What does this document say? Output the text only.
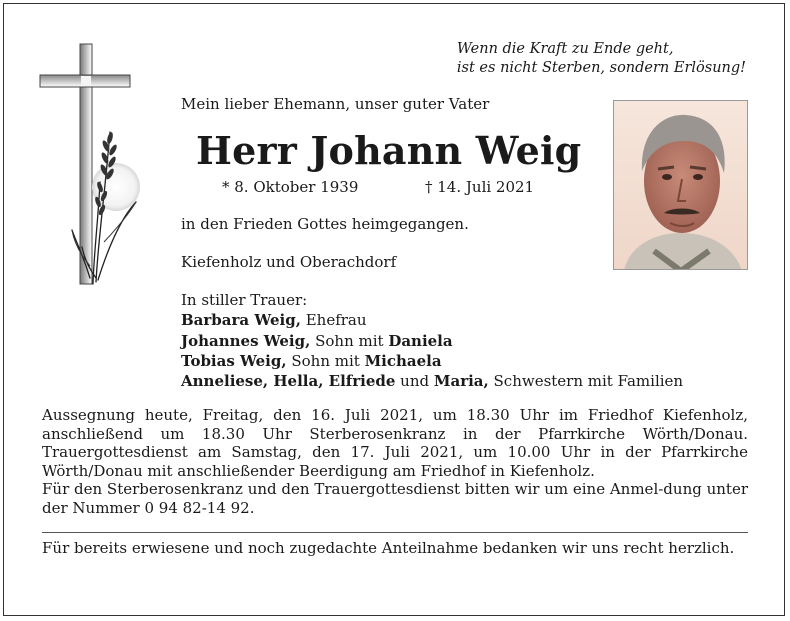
Wenn die Kraft zu Ende geht,
ist es nicht Sterben, sondern Erlösung!
Mein lieber Ehemann, unser guter Vater
Herr Johann Weig
* 8. Oktober 1939	† 14. Juli 2021
in den Frieden Gottes heimgegangen.
Kiefenholz und Oberachdorf
In stiller Trauer:
Barbara Weig, Ehefrau
Johannes Weig, Sohn mit Daniela
Tobias Weig, Sohn mit Michaela
Anneliese, Hella, Elfriede und Maria, Schwestern mit Familien

Aussegnung heute, Freitag, den 16. Juli 2021, um 18.30 Uhr im Friedhof Kiefenholz, anschließend um 18.30 Uhr Sterberosenkranz in der Pfarrkirche Wörth/Donau. Trauergottesdienst am Samstag, den 17. Juli 2021, um 10.00 Uhr in der Pfarrkirche Wörth/Donau mit anschließender Beerdigung am Friedhof in Kiefenholz.

Für den Sterberosenkranz und den Trauergottesdienst bitten wir um eine Anmel-dung unter der Nummer 0 94 82-14 92.

Für bereits erwiesene und noch zugedachte Anteilnahme bedanken wir uns recht herzlich.
